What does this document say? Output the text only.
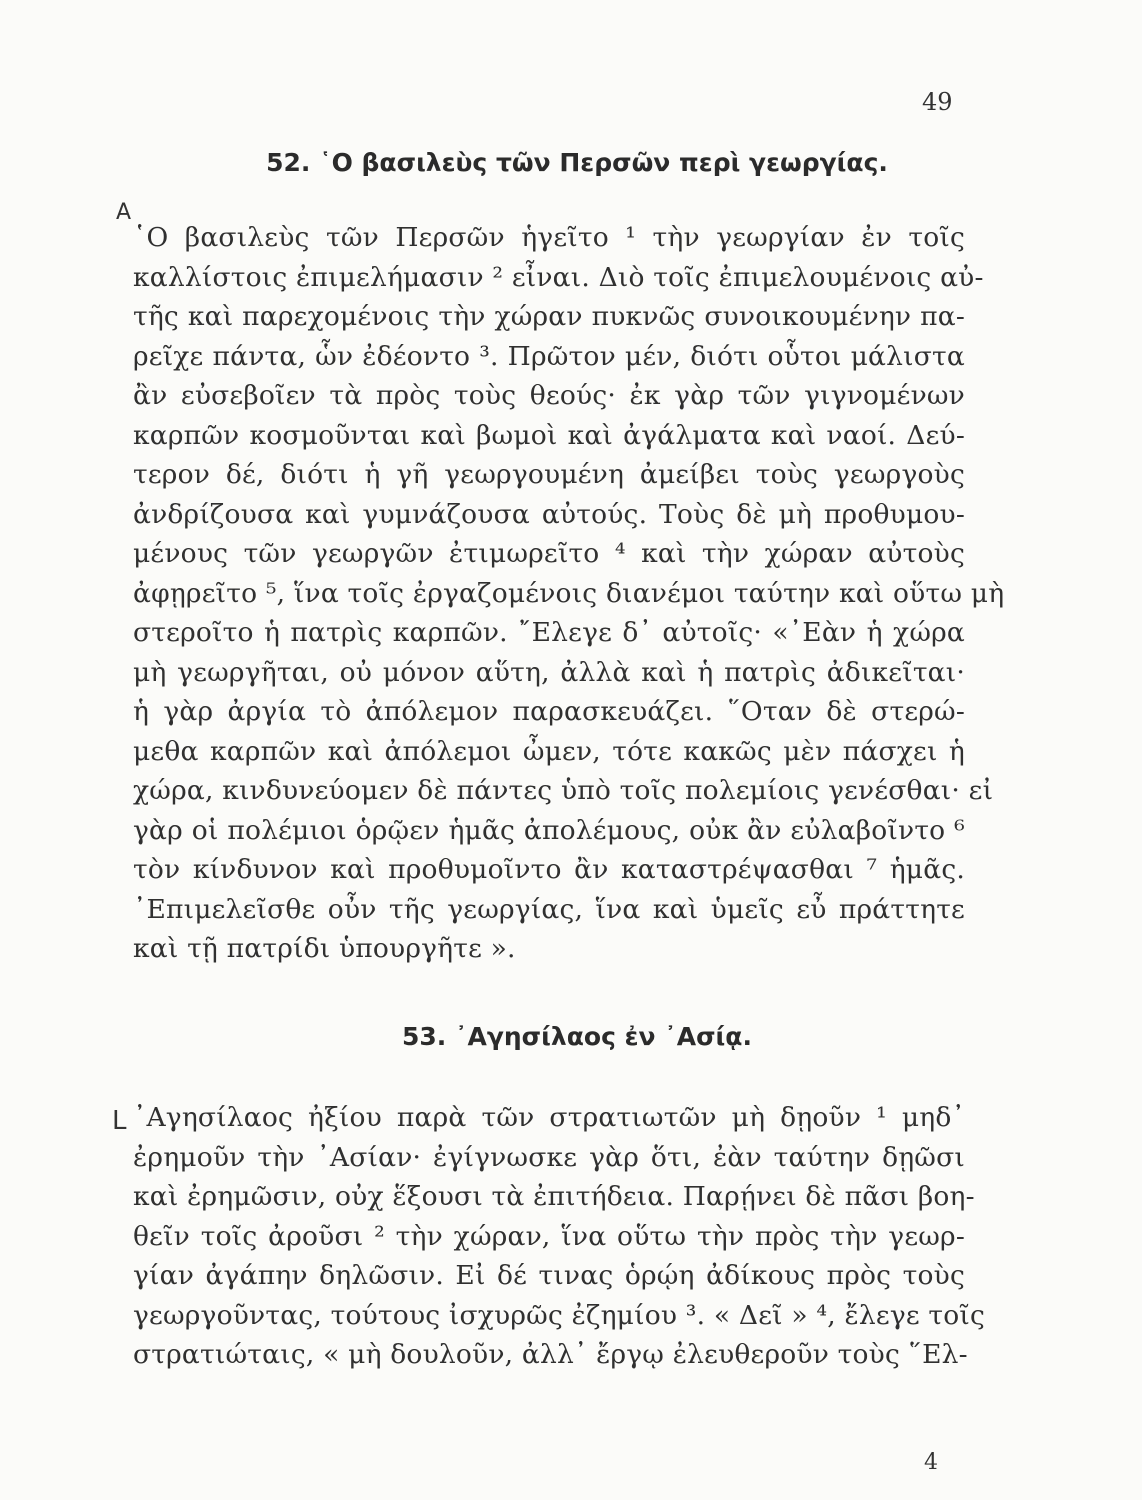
49
52. ῾Ο βασιλεὺς τῶν Περσῶν περὶ γεωργίας.
A
῾Ο βασιλεὺς τῶν Περσῶν ἡγεῖτο ¹ τὴν γεωργίαν ἐν τοῖς
καλλίστοις ἐπιμελήμασιν ² εἶναι. Διὸ τοῖς ἐπιμελουμένοις αὐ-
τῆς καὶ παρεχομένοις τὴν χώραν πυκνῶς συνοικουμένην πα-
ρεῖχε πάντα, ὧν ἐδέοντο ³. Πρῶτον μέν, διότι οὗτοι μάλιστα
ἂν εὐσεβοῖεν τὰ πρὸς τοὺς θεούς· ἐκ γὰρ τῶν γιγνομένων
καρπῶν κοσμοῦνται καὶ βωμοὶ καὶ ἀγάλματα καὶ ναοί. Δεύ-
τερον δέ, διότι ἡ γῆ γεωργουμένη ἀμείβει τοὺς γεωργοὺς
ἀνδρίζουσα καὶ γυμνάζουσα αὐτούς. Τοὺς δὲ μὴ προθυμου-
μένους τῶν γεωργῶν ἐτιμωρεῖτο ⁴ καὶ τὴν χώραν αὐτοὺς
ἀφῃρεῖτο ⁵, ἵνα τοῖς ἐργαζομένοις διανέμοι ταύτην καὶ οὕτω μὴ
στεροῖτο ἡ πατρὶς καρπῶν. ῎Ελεγε δ᾽ αὐτοῖς· «᾽Εὰν ἡ χώρα
μὴ γεωργῆται, οὐ μόνον αὕτη, ἀλλὰ καὶ ἡ πατρὶς ἀδικεῖται·
ἡ γὰρ ἀργία τὸ ἀπόλεμον παρασκευάζει. ῞Οταν δὲ στερώ-
μεθα καρπῶν καὶ ἀπόλεμοι ὦμεν, τότε κακῶς μὲν πάσχει ἡ
χώρα, κινδυνεύομεν δὲ πάντες ὑπὸ τοῖς πολεμίοις γενέσθαι· εἰ
γὰρ οἱ πολέμιοι ὁρῷεν ἡμᾶς ἀπολέμους, οὐκ ἂν εὐλαβοῖντο ⁶
τὸν κίνδυνον καὶ προθυμοῖντο ἂν καταστρέψασθαι ⁷ ἡμᾶς.
᾽Επιμελεῖσθε οὖν τῆς γεωργίας, ἵνα καὶ ὑμεῖς εὖ πράττητε
καὶ τῇ πατρίδι ὑπουργῆτε ».
53. ᾽Αγησίλαος ἐν ᾽Ασίᾳ.
L ᾽Αγησίλαος ἠξίου παρὰ τῶν στρατιωτῶν μὴ δῃοῦν ¹ μηδ᾽
ἐρημοῦν τὴν ᾽Ασίαν· ἐγίγνωσκε γὰρ ὅτι, ἐὰν ταύτην δῃῶσι
καὶ ἐρημῶσιν, οὐχ ἕξουσι τὰ ἐπιτήδεια. Παρῄνει δὲ πᾶσι βοη-
θεῖν τοῖς ἀροῦσι ² τὴν χώραν, ἵνα οὕτω τὴν πρὸς τὴν γεωρ-
γίαν ἀγάπην δηλῶσιν. Εἰ δέ τινας ὁρῴη ἀδίκους πρὸς τοὺς
γεωργοῦντας, τούτους ἰσχυρῶς ἐζημίου ³. « Δεῖ » ⁴, ἔλεγε τοῖς
στρατιώταις, « μὴ δουλοῦν, ἀλλ᾽ ἔργῳ ἐλευθεροῦν τοὺς ῞Ελ-
4
